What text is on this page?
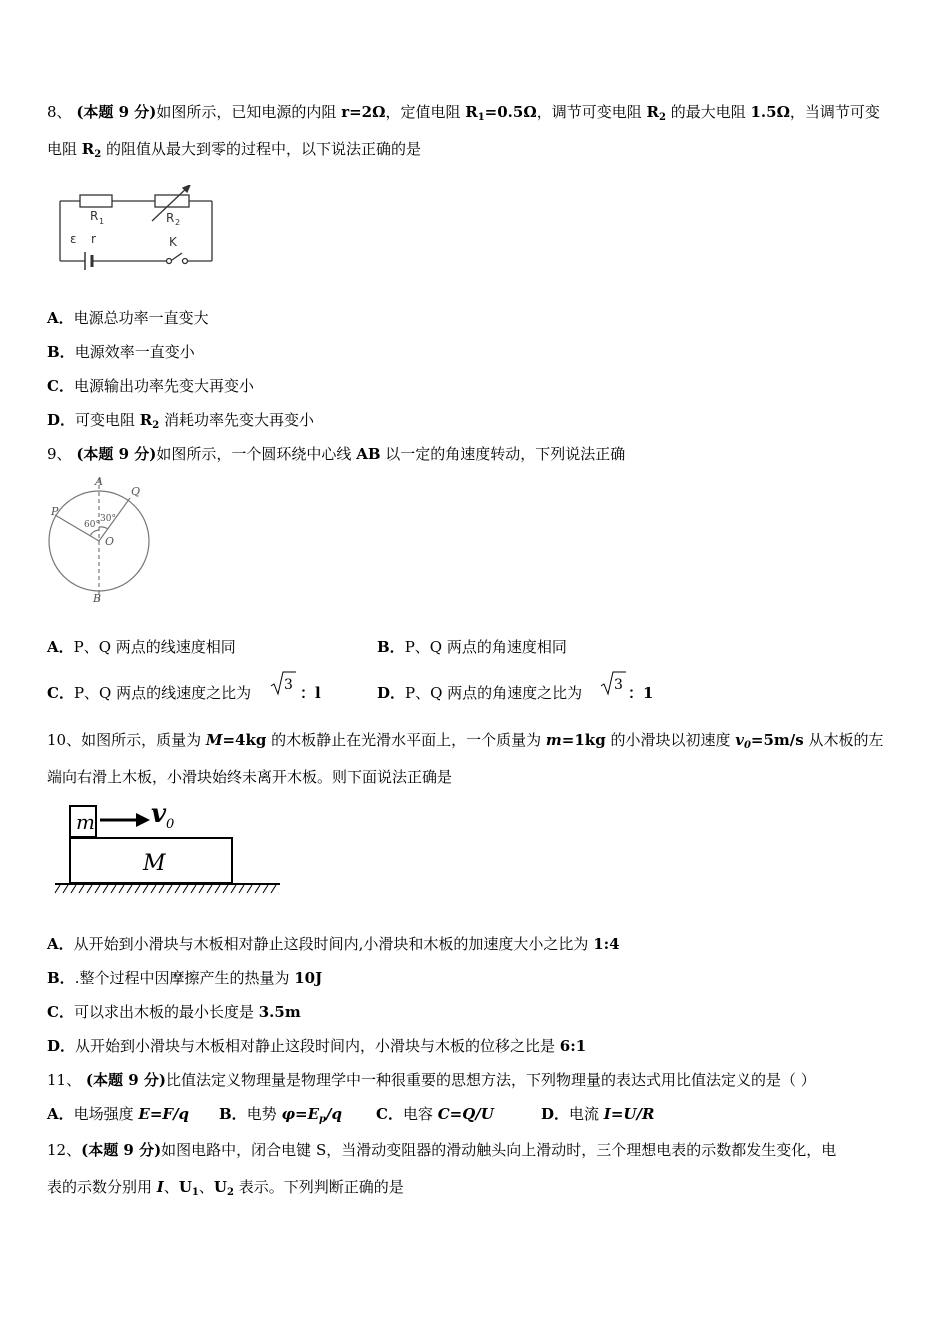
8、 (本题 9 分)如图所示，已知电源的内阻 r=2Ω，定值电阻 $R_1=0.5\Omega$，调节可变电阻 $R_2$ 的最大电阻 1.5Ω，当调节可变
电阻 $R_2$ 的阻值从最大到零的过程中，以下说法正确的是
R 1	R 2
ε r	K
A．电源总功率一直变大
B．电源效率一直变小
C．电源输出功率先变大再变小
D．可变电阻 $R_2$ 消耗功率先变大再变小
9、 (本题 9 分)如图所示，一个圆环绕中心线 AB 以一定的角速度转动，下列说法正确
A
B
P
Q
O
60°
30°
A．P、Q 两点的线速度相同	B．P、Q 两点的角速度相同
C．P、Q 两点的线速度之比为 3 ：l	D．P、Q 两点的角速度之比为 3 ：1
10、如图所示，质量为 M=4kg 的木板静止在光滑水平面上，一个质量为 m=1kg 的小滑块以初速度 $v_0=5m/s$ 从木板的左
端向右滑上木板，小滑块始终未离开木板。则下面说法正确是
m
M
v 0
A．从开始到小滑块与木板相对静止这段时间内,小滑块和木板的加速度大小之比为 1:4
B．.整个过程中因摩擦产生的热量为 10J
C．可以求出木板的最小长度是 3.5m
D．从开始到小滑块与木板相对静止这段时间内，小滑块与木板的位移之比是 6:1
11、 (本题 9 分)比值法定义物理量是物理学中一种很重要的思想方法，下列物理量的表达式用比值法定义的是（ ）
A．电场强度 E=F/q B．电势 $\varphi=E_p/q$ C．电容 C=Q/U	D．电流 I=U/R
12、(本题 9 分)如图电路中，闭合电键 S，当滑动变阻器的滑动触头向上滑动时，三个理想电表的示数都发生变化，电
表的示数分别用 I、$U_1$、$U_2$ 表示。下列判断正确的是
